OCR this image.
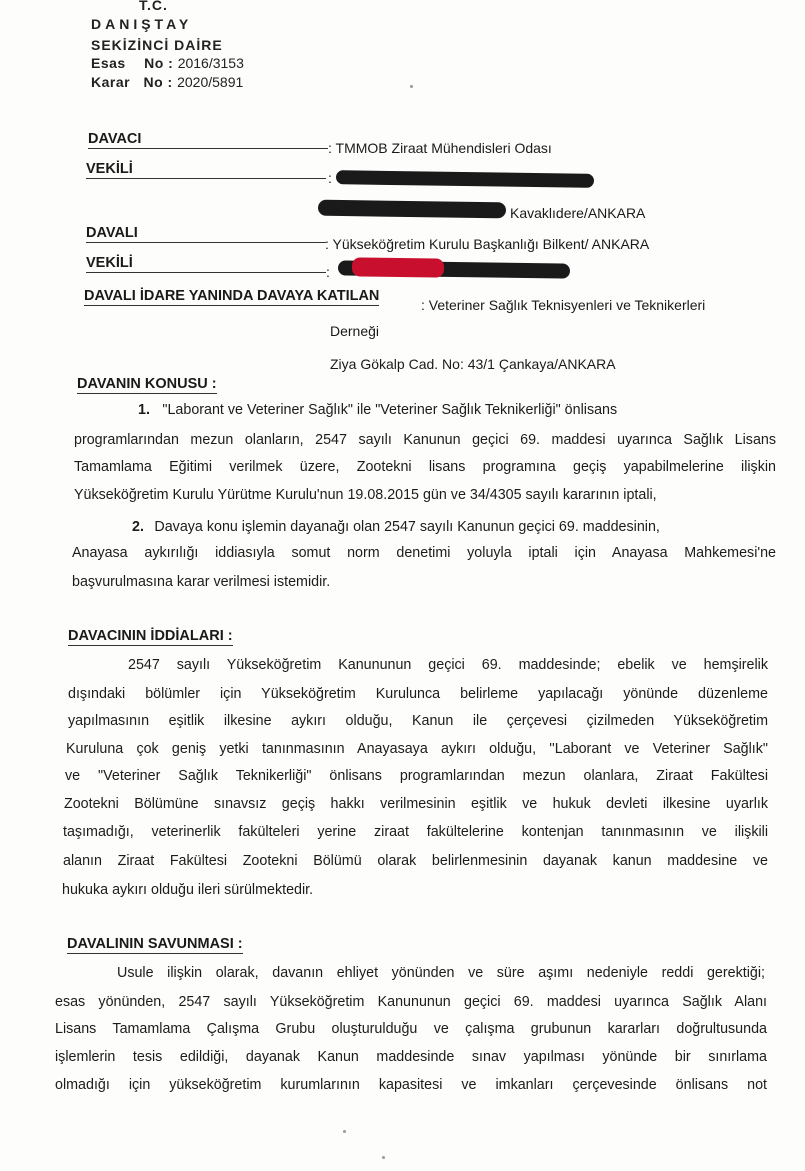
T.C.
DANIŞTAY
SEKİZİNCİ DAİRE
Esas No : 2016/3153
Karar No : 2020/5891
DAVACI
: TMMOB Ziraat Mühendisleri Odası
VEKİLİ
:
Kavaklıdere/ANKARA
DAVALI
: Yükseköğretim Kurulu Başkanlığı Bilkent/ ANKARA
VEKİLİ
:
DAVALI İDARE YANINDA DAVAYA KATILAN
: Veteriner Sağlık Teknisyenleri ve Teknikerleri
Derneği
Ziya Gökalp Cad. No: 43/1 Çankaya/ANKARA
DAVANIN KONUSU :
1. "Laborant ve Veteriner Sağlık" ile "Veteriner Sağlık Teknikerliği" önlisans
programlarından mezun olanların, 2547 sayılı Kanunun geçici 69. maddesi uyarınca Sağlık Lisans
Tamamlama Eğitimi verilmek üzere, Zootekni lisans programına geçiş yapabilmelerine ilişkin
Yükseköğretim Kurulu Yürütme Kurulu'nun 19.08.2015 gün ve 34/4305 sayılı kararının iptali,
2. Davaya konu işlemin dayanağı olan 2547 sayılı Kanunun geçici 69. maddesinin,
Anayasa aykırılığı iddiasıyla somut norm denetimi yoluyla iptali için Anayasa Mahkemesi'ne
başvurulmasına karar verilmesi istemidir.
DAVACININ İDDİALARI :
2547 sayılı Yükseköğretim Kanununun geçici 69. maddesinde; ebelik ve hemşirelik
dışındaki bölümler için Yükseköğretim Kurulunca belirleme yapılacağı yönünde düzenleme
yapılmasının eşitlik ilkesine aykırı olduğu, Kanun ile çerçevesi çizilmeden Yükseköğretim
Kuruluna çok geniş yetki tanınmasının Anayasaya aykırı olduğu, ''Laborant ve Veteriner Sağlık"
ve "Veteriner Sağlık Teknikerliği" önlisans programlarından mezun olanlara, Ziraat Fakültesi
Zootekni Bölümüne sınavsız geçiş hakkı verilmesinin eşitlik ve hukuk devleti ilkesine uyarlık
taşımadığı, veterinerlik fakülteleri yerine ziraat fakültelerine kontenjan tanınmasının ve ilişkili
alanın Ziraat Fakültesi Zootekni Bölümü olarak belirlenmesinin dayanak kanun maddesine ve
hukuka aykırı olduğu ileri sürülmektedir.
DAVALININ SAVUNMASI :
Usule ilişkin olarak, davanın ehliyet yönünden ve süre aşımı nedeniyle reddi gerektiği;
esas yönünden, 2547 sayılı Yükseköğretim Kanununun geçici 69. maddesi uyarınca Sağlık Alanı
Lisans Tamamlama Çalışma Grubu oluşturulduğu ve çalışma grubunun kararları doğrultusunda
işlemlerin tesis edildiği, dayanak Kanun maddesinde sınav yapılması yönünde bir sınırlama
olmadığı için yükseköğretim kurumlarının kapasitesi ve imkanları çerçevesinde önlisans not
